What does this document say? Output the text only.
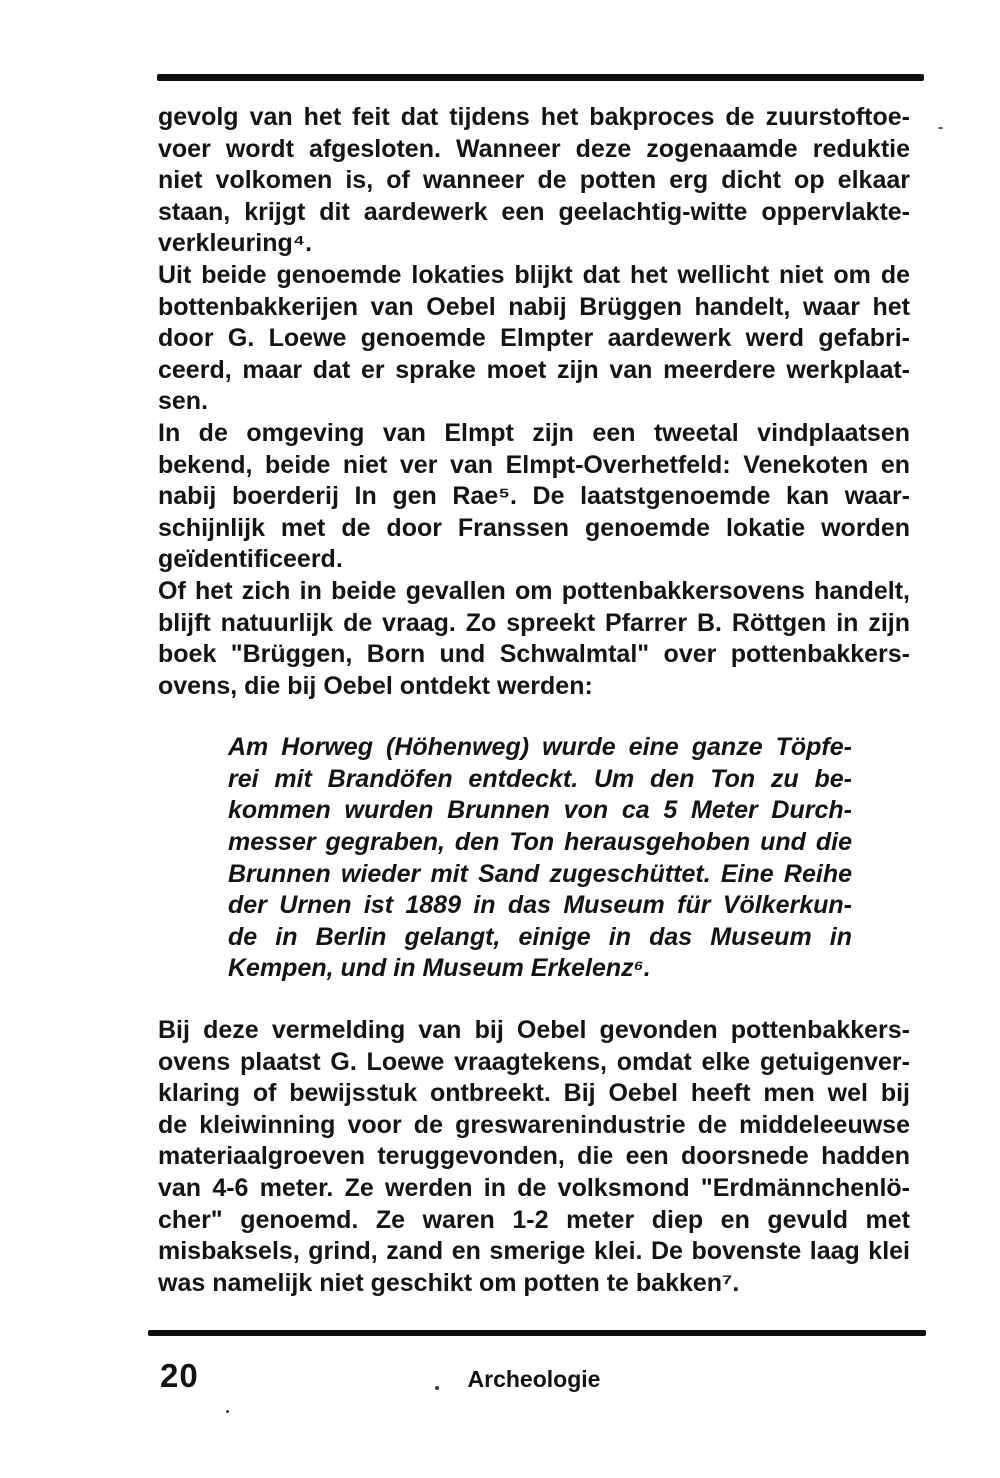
gevolg van het feit dat tijdens het bakproces de zuurstoftoe-
voer wordt afgesloten. Wanneer deze zogenaamde reduktie
niet volkomen is, of wanneer de potten erg dicht op elkaar
staan, krijgt dit aardewerk een geelachtig-witte oppervlakte-
verkleuring⁴.
Uit beide genoemde lokaties blijkt dat het wellicht niet om de
bottenbakkerijen van Oebel nabij Brüggen handelt, waar het
door G. Loewe genoemde Elmpter aardewerk werd gefabri-
ceerd, maar dat er sprake moet zijn van meerdere werkplaat-
sen.
In de omgeving van Elmpt zijn een tweetal vindplaatsen
bekend, beide niet ver van Elmpt-Overhetfeld: Venekoten en
nabij boerderij In gen Rae⁵. De laatstgenoemde kan waar-
schijnlijk met de door Franssen genoemde lokatie worden
geïdentificeerd.
Of het zich in beide gevallen om pottenbakkersovens handelt,
blijft natuurlijk de vraag. Zo spreekt Pfarrer B. Röttgen in zijn
boek "Brüggen, Born und Schwalmtal" over pottenbakkers-
ovens, die bij Oebel ontdekt werden:
Am Horweg (Höhenweg) wurde eine ganze Töpfe-
rei mit Brandöfen entdeckt. Um den Ton zu be-
kommen wurden Brunnen von ca 5 Meter Durch-
messer gegraben, den Ton herausgehoben und die
Brunnen wieder mit Sand zugeschüttet. Eine Reihe
der Urnen ist 1889 in das Museum für Völkerkun-
de in Berlin gelangt, einige in das Museum in
Kempen, und in Museum Erkelenz⁶.
Bij deze vermelding van bij Oebel gevonden pottenbakkers-
ovens plaatst G. Loewe vraagtekens, omdat elke getuigenver-
klaring of bewijsstuk ontbreekt. Bij Oebel heeft men wel bij
de kleiwinning voor de greswarenindustrie de middeleeuwse
materiaalgroeven teruggevonden, die een doorsnede hadden
van 4-6 meter. Ze werden in de volksmond "Erdmännchenlö-
cher" genoemd. Ze waren 1-2 meter diep en gevuld met
misbaksels, grind, zand en smerige klei. De bovenste laag klei
was namelijk niet geschikt om potten te bakken⁷.
20	Archeologie
